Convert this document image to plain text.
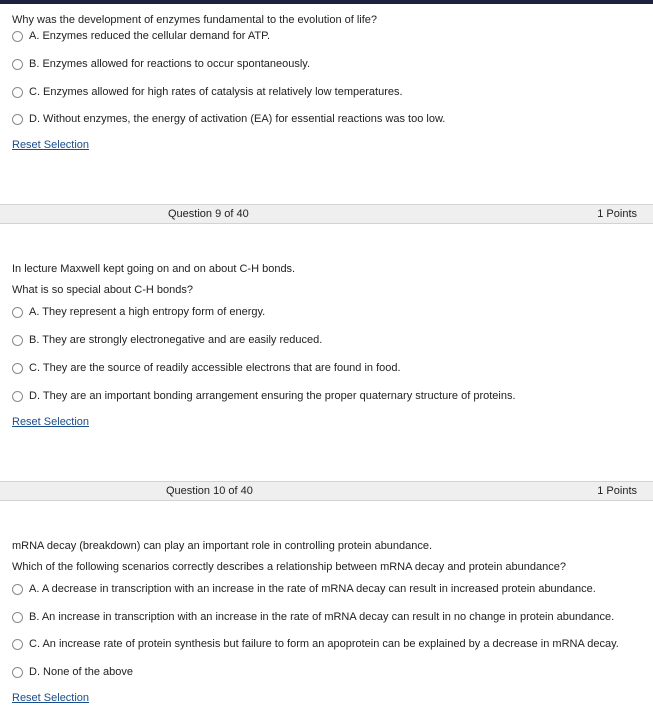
Why was the development of enzymes fundamental to the evolution of life?

A. Enzymes reduced the cellular demand for ATP.
B. Enzymes allowed for reactions to occur spontaneously.
C. Enzymes allowed for high rates of catalysis at relatively low temperatures.
D. Without enzymes, the energy of activation (EA) for essential reactions was too low.
Reset Selection
Question 9 of 40	1 Points

In lecture Maxwell kept going on and on about C-H bonds.

What is so special about C-H bonds?

A. They represent a high entropy form of energy.
B. They are strongly electronegative and are easily reduced.
C. They are the source of readily accessible electrons that are found in food.
D. They are an important bonding arrangement ensuring the proper quaternary structure of proteins.
Reset Selection
Question 10 of 40	1 Points

mRNA decay (breakdown) can play an important role in controlling protein abundance.

Which of the following scenarios correctly describes a relationship between mRNA decay and protein abundance?

A. A decrease in transcription with an increase in the rate of mRNA decay can result in increased protein abundance.
B. An increase in transcription with an increase in the rate of mRNA decay can result in no change in protein abundance.
C. An increase rate of protein synthesis but failure to form an apoprotein can be explained by a decrease in mRNA decay.
D. None of the above
Reset Selection
